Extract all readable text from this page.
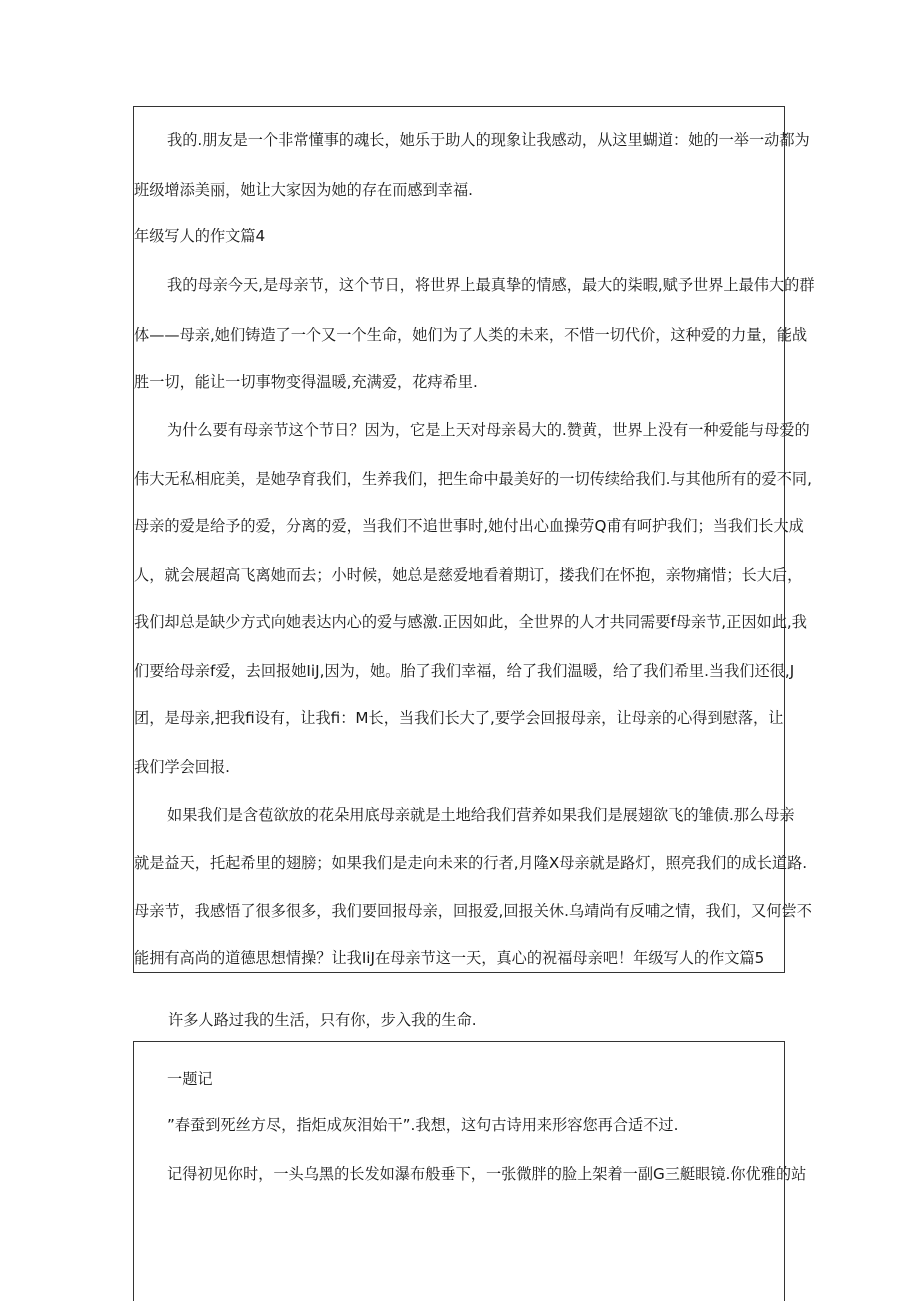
我的.朋友是一个非常懂事的魂长，她乐于助人的现象让我感动，从这里蝴道：她的一举一动都为
班级增添美丽，她让大家因为她的存在而感到幸福.
年级写人的作文篇4
我的母亲今天,是母亲节，这个节日，将世界上最真挚的情感，最大的柒暇,赋予世界上最伟大的群
体——母亲,她们铸造了一个又一个生命，她们为了人类的未来，不惜一切代价，这种爱的力量，能战
胜一切，能让一切事物变得温暖,充满爱，花痔希里.
为什么要有母亲节这个节日？因为，它是上天对母亲曷大的.赞黄，世界上没有一种爱能与母爱的
伟大无私相庇美，是她孕育我们，生养我们，把生命中最美好的一切传续给我们.与其他所有的爱不同,
母亲的爱是给予的爱，分离的爱，当我们不追世事时,她付出心血操劳Q甫有呵护我们；当我们长大成
人，就会展超高飞离她而去；小时候，她总是慈爱地看着期订，搂我们在怀抱，亲物痛惜；长大后，
我们却总是缺少方式向她表达内心的爱与感激.正因如此，全世界的人才共同需要f母亲节,正因如此,我
们要给母亲f爱，去回报她IiJ,因为，她。胎了我们幸福，给了我们温暖，给了我们希里.当我们还很,J
团，是母亲,把我fi设有，让我fi：M长，当我们长大了,要学会回报母亲，让母亲的心得到慰落，让
我们学会回报.
如果我们是含苞欲放的花朵用底母亲就是土地给我们营养如果我们是展翅欲飞的雏债.那么母亲
就是益天，托起希里的翅膀；如果我们是走向未来的行者,月隆X母亲就是路灯，照亮我们的成长道路.
母亲节，我感悟了很多很多，我们要回报母亲，回报爱,回报关休.乌靖尚有反哺之情，我们，又何尝不
能拥有高尚的道德思想情操？让我IiJ在母亲节这一天，真心的祝福母亲吧！年级写人的作文篇5
许多人路过我的生活，只有你，步入我的生命.
一题记
”春蚕到死丝方尽，指炬成灰泪始干”.我想，这句古诗用来形容您再合适不过.
记得初见你时，一头乌黑的长发如瀑布般垂下，一张微胖的脸上架着一副G三艇眼镜.你优雅的站
